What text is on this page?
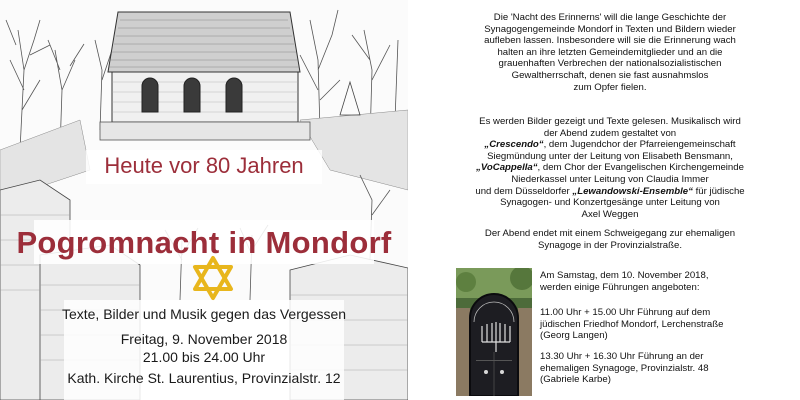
Heute vor 80 Jahren
Pogromnacht in Mondorf
Texte, Bilder und Musik gegen das Vergessen
Freitag, 9. November 2018
21.00 bis 24.00 Uhr
Kath. Kirche St. Laurentius, Provinzialstr. 12
Die 'Nacht des Erinnerns' will die lange Geschichte der
Synagogengemeinde Mondorf in Texten und Bildern wieder
aufleben lassen. Insbesondere will sie die Erinnerung wach
halten an ihre letzten Gemeindemitglieder und an die
grauenhaften Verbrechen der nationalsozialistischen
Gewaltherrschaft, denen sie fast ausnahmslos
zum Opfer fielen.
Es werden Bilder gezeigt und Texte gelesen. Musikalisch wird
der Abend zudem gestaltet von
„Crescendo“, dem Jugendchor der Pfarreiengemeinschaft
Siegmündung unter der Leitung von Elisabeth Bensmann,
„VoCappella“, dem Chor der Evangelischen Kirchengemeinde
Niederkassel unter Leitung von Claudia Immer
und dem Düsseldorfer „Lewandowski-Ensemble“ für jüdische
Synagogen- und Konzertgesänge unter Leitung von
Axel Weggen
Der Abend endet mit einem Schweigegang zur ehemaligen
Synagoge in der Provinzialstraße.
Am Samstag, dem 10. November 2018,
werden einige Führungen angeboten:
11.00 Uhr + 15.00 Uhr Führung auf dem
jüdischen Friedhof Mondorf, Lerchenstraße
(Georg Langen)
13.30 Uhr + 16.30 Uhr Führung an der
ehemaligen Synagoge, Provinzialstr. 48
(Gabriele Karbe)
